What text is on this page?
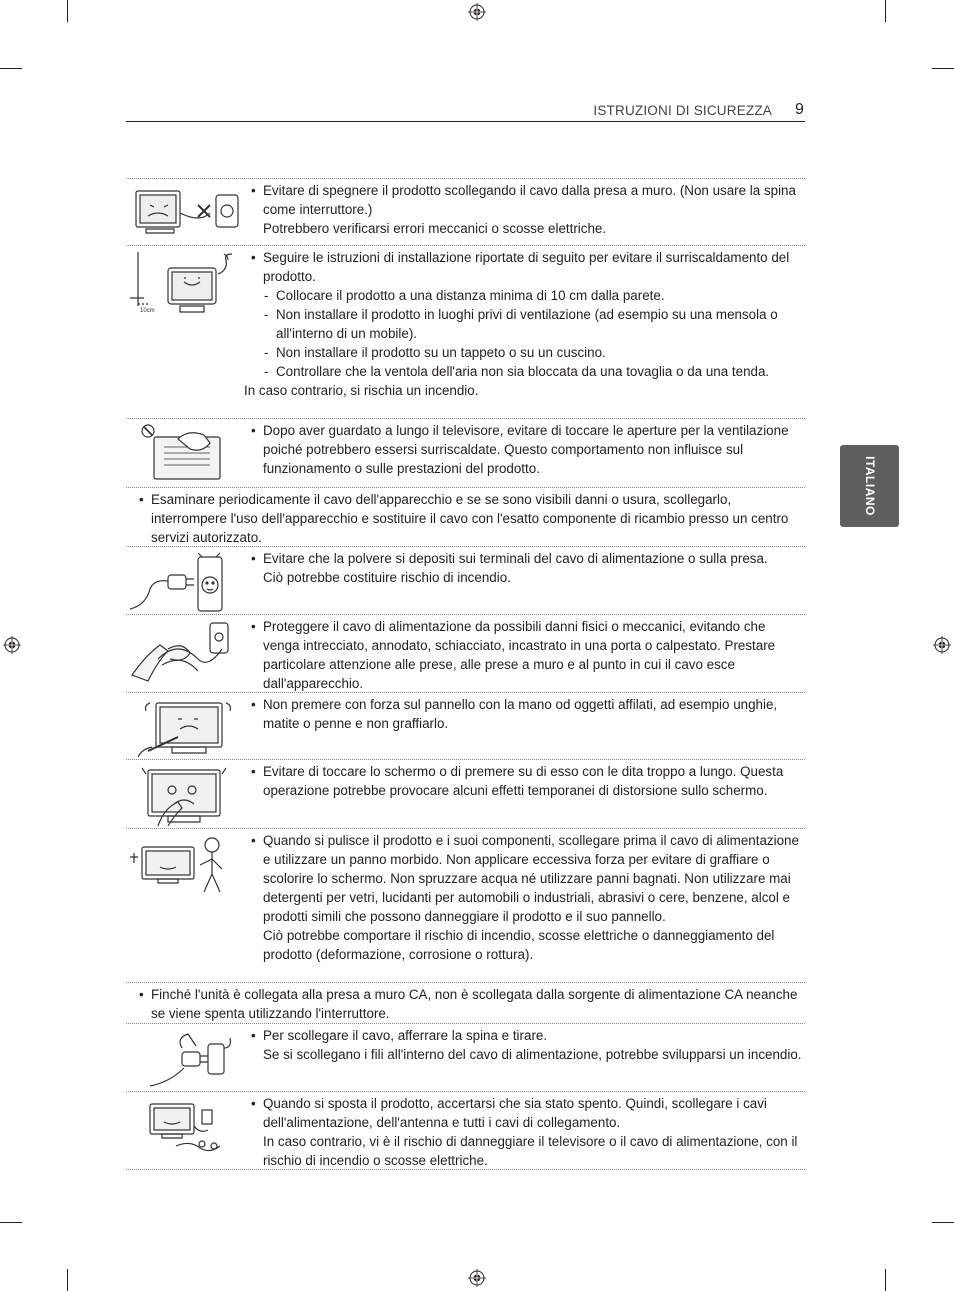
ISTRUZIONI DI SICUREZZA 9
ITALIANO
• Evitare di spegnere il prodotto scollegando il cavo dalla presa a muro. (Non usare la spina come interruttore.)
Potrebbero verificarsi errori meccanici o scosse elettriche.
10cm
• Seguire le istruzioni di installazione riportate di seguito per evitare il surriscaldamento del prodotto.
- Collocare il prodotto a una distanza minima di 10 cm dalla parete.
- Non installare il prodotto in luoghi privi di ventilazione (ad esempio su una mensola o all'interno di un mobile).
- Non installare il prodotto su un tappeto o su un cuscino.
- Controllare che la ventola dell'aria non sia bloccata da una tovaglia o da una tenda.
In caso contrario, si rischia un incendio.
• Dopo aver guardato a lungo il televisore, evitare di toccare le aperture per la ventilazione poiché potrebbero essersi surriscaldate. Questo comportamento non influisce sul funzionamento o sulle prestazioni del prodotto.
• Esaminare periodicamente il cavo dell'apparecchio e se se sono visibili danni o usura, scollegarlo, interrompere l'uso dell'apparecchio e sostituire il cavo con l'esatto componente di ricambio presso un centro servizi autorizzato.
• Evitare che la polvere si depositi sui terminali del cavo di alimentazione o sulla presa.
Ciò potrebbe costituire rischio di incendio.
• Proteggere il cavo di alimentazione da possibili danni fisici o meccanici, evitando che venga intrecciato, annodato, schiacciato, incastrato in una porta o calpestato. Prestare particolare attenzione alle prese, alle prese a muro e al punto in cui il cavo esce dall'apparecchio.
• Non premere con forza sul pannello con la mano od oggetti affilati, ad esempio unghie, matite o penne e non graffiarlo.
• Evitare di toccare lo schermo o di premere su di esso con le dita troppo a lungo. Questa operazione potrebbe provocare alcuni effetti temporanei di distorsione sullo schermo.
• Quando si pulisce il prodotto e i suoi componenti, scollegare prima il cavo di alimentazione e utilizzare un panno morbido. Non applicare eccessiva forza per evitare di graffiare o scolorire lo schermo. Non spruzzare acqua né utilizzare panni bagnati. Non utilizzare mai detergenti per vetri, lucidanti per automobili o industriali, abrasivi o cere, benzene, alcol e prodotti simili che possono danneggiare il prodotto e il suo pannello.
Ciò potrebbe comportare il rischio di incendio, scosse elettriche o danneggiamento del prodotto (deformazione, corrosione o rottura).
• Finché l'unità è collegata alla presa a muro CA, non è scollegata dalla sorgente di alimentazione CA neanche se viene spenta utilizzando l'interruttore.
• Per scollegare il cavo, afferrare la spina e tirare.
Se si scollegano i fili all'interno del cavo di alimentazione, potrebbe svilupparsi un incendio.
• Quando si sposta il prodotto, accertarsi che sia stato spento. Quindi, scollegare i cavi dell'alimentazione, dell'antenna e tutti i cavi di collegamento.
In caso contrario, vi è il rischio di danneggiare il televisore o il cavo di alimentazione, con il rischio di incendio o scosse elettriche.
